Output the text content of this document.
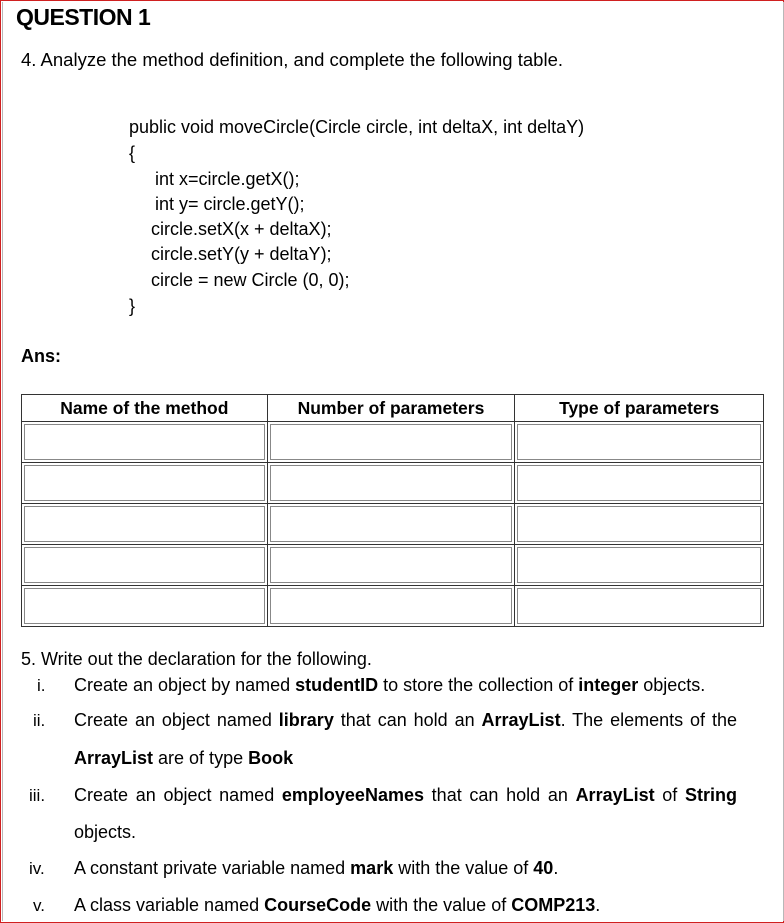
QUESTION 1
4. Analyze the method definition, and complete the following table.
public void moveCircle(Circle circle, int deltaX, int deltaY)
{
int x=circle.getX();
int y= circle.getY();
circle.setX(x + deltaX);
circle.setY(y + deltaY);
circle = new Circle (0, 0);
}
Ans:
Name of the method	Number of parameters	Type of parameters

5. Write out the declaration for the following.
i. Create an object by named studentID to store the collection of integer objects.
ii. Create an object named library that can hold an ArrayList. The elements of the
ArrayList are of type Book
iii. Create an object named employeeNames that can hold an ArrayList of String
objects.
iv. A constant private variable named mark with the value of 40.
v. A class variable named CourseCode with the value of COMP213.
